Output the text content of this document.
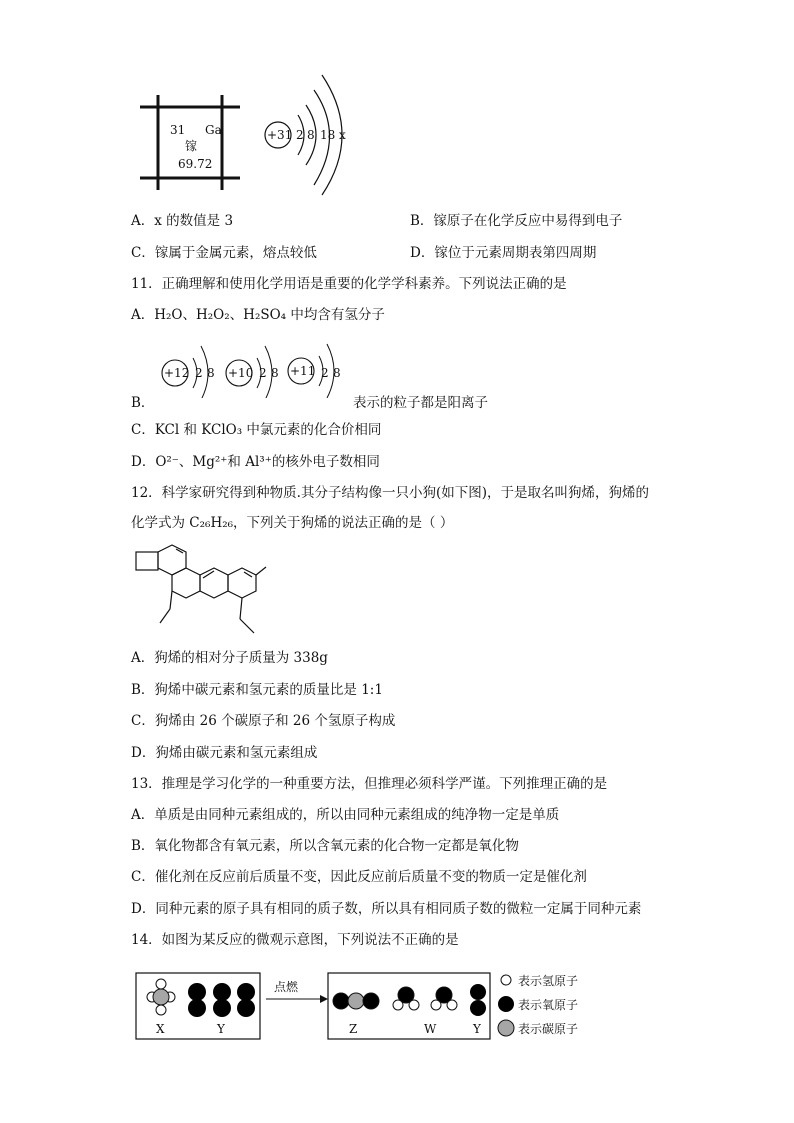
31 Ga
镓
69.72
+31 2 8 18 x
A．x 的数值是 3	B．镓原子在化学反应中易得到电子
C．镓属于金属元素，熔点较低	D．镓位于元素周期表第四周期
11．正确理解和使用化学用语是重要的化学学科素养。下列说法正确的是
A．H₂O、H₂O₂、H₂SO₄ 中均含有氢分子
+12 2 8 +10 2 8 +11 2 8
B．	表示的粒子都是阳离子
C．KCl 和 KClO₃ 中氯元素的化合价相同
D．O²⁻、Mg²⁺和 Al³⁺的核外电子数相同
12．科学家研究得到种物质.其分子结构像一只小狗(如下图)，于是取名叫狗烯，狗烯的
化学式为 C₂₆H₂₆，下列关于狗烯的说法正确的是（ ）
A．狗烯的相对分子质量为 338g
B．狗烯中碳元素和氢元素的质量比是 1:1
C．狗烯由 26 个碳原子和 26 个氢原子构成
D．狗烯由碳元素和氢元素组成
13．推理是学习化学的一种重要方法，但推理必须科学严谨。下列推理正确的是
A．单质是由同种元素组成的，所以由同种元素组成的纯净物一定是单质
B．氧化物都含有氧元素，所以含氧元素的化合物一定都是氧化物
C．催化剂在反应前后质量不变，因此反应前后质量不变的物质一定是催化剂
D．同种元素的原子具有相同的质子数，所以具有相同质子数的微粒一定属于同种元素
14．如图为某反应的微观示意图，下列说法不正确的是
X	Y
点燃
Z	W	Y
表示氢原子
表示氧原子
表示碳原子
